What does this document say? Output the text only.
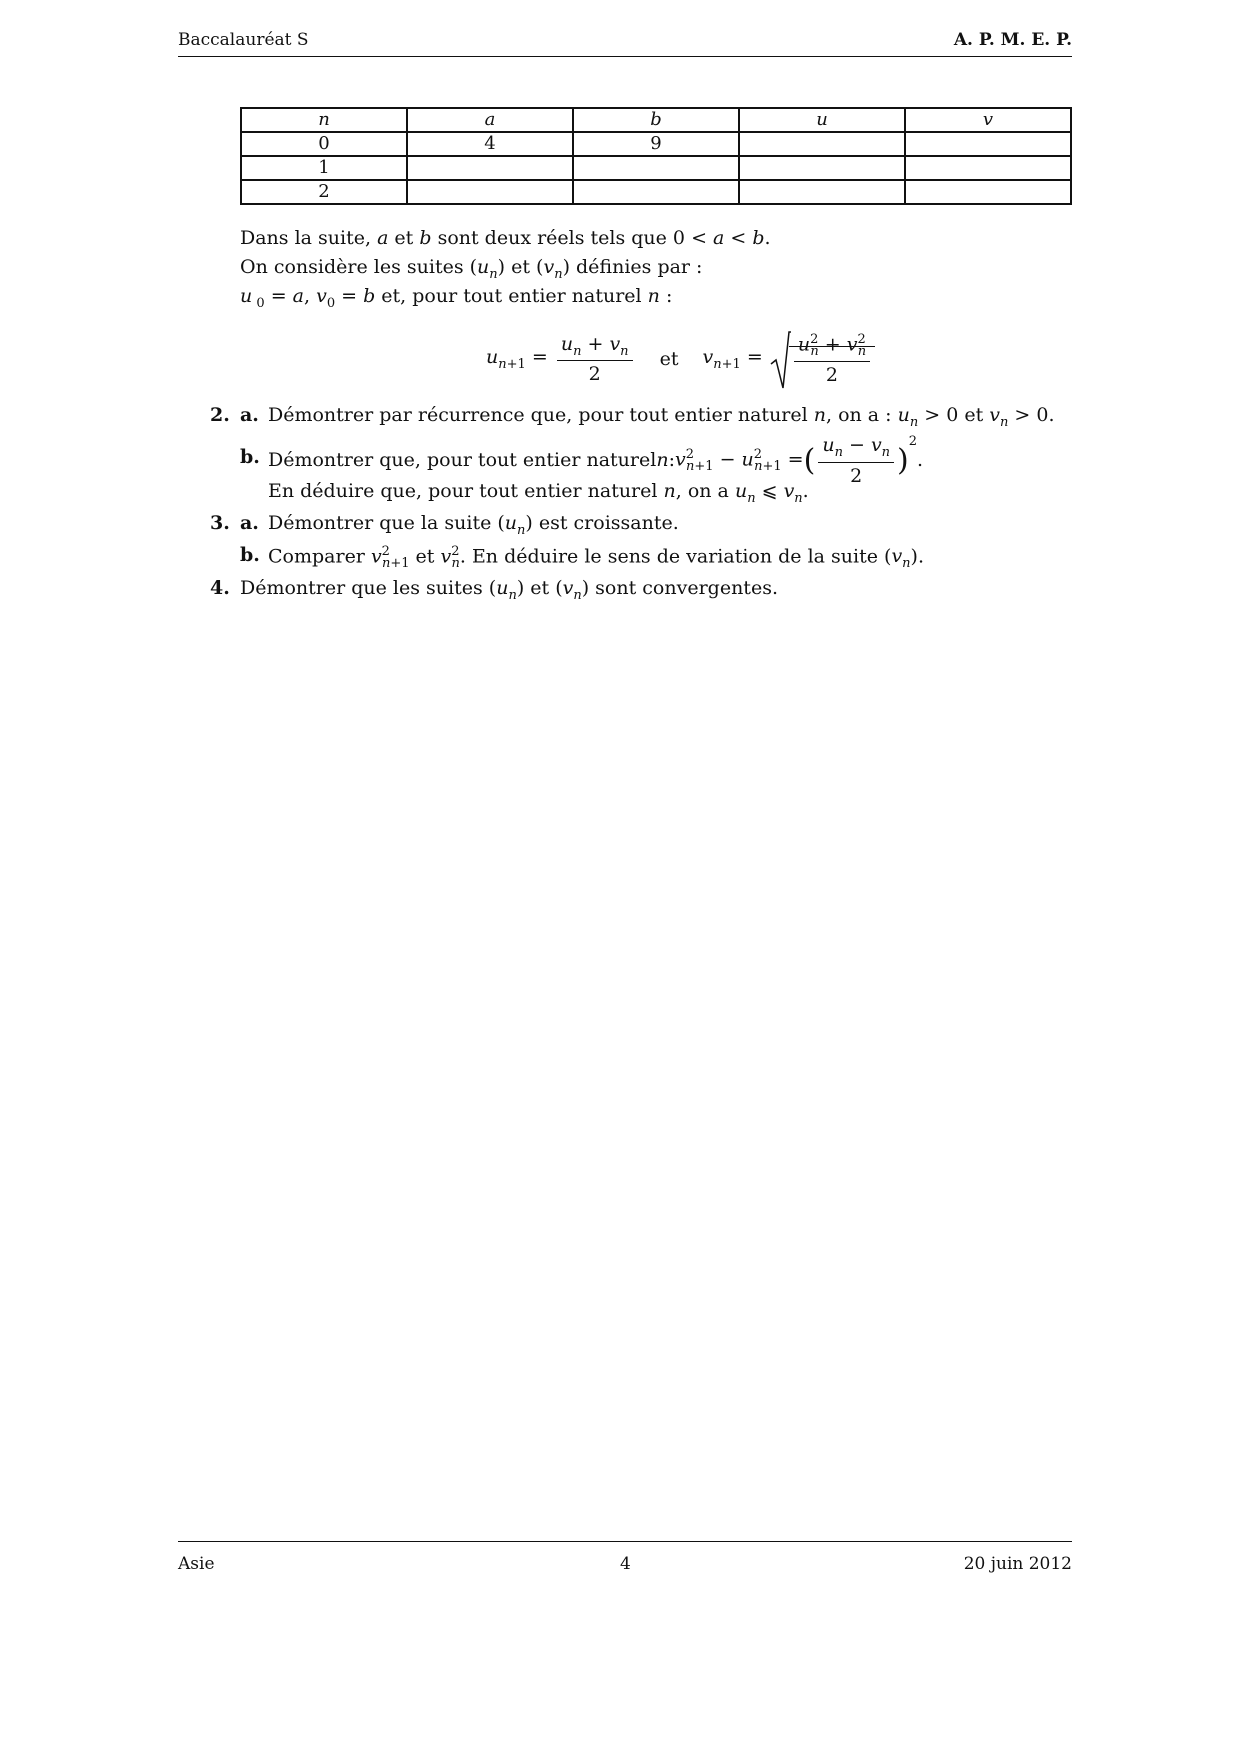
Baccalauréat S	A. P. M. E. P.
n	a	b	u	v
0	4	9		
1				
2				
Dans la suite, a et b sont deux réels tels que 0 < a < b.
On considère les suites $(u_n)$ et $(v_n)$ définies par :
u $_0$ = a, $v_0 = b$ et, pour tout entier naturel n :
$u_{n+1} = \frac{u_n + v_n}{2}$ et $v_{n+1} = \frac{u^2_n + v^2_n}{2}$
2. a. Démontrer par récurrence que, pour tout entier naturel n, on a : $u_n > 0$ et $v_n > 0$.
b. Démontrer que, pour tout entier $natureln:v^2_{n+1} - u^2_{n+1}$ =( $\frac{u_n - v_n}{2} )2$.
En déduire que, pour tout entier naturel n, on a $u_n$ ⩽ $v_n$.
3. a. Démontrer que la suite $(u_n)$ est croissante.
b. Comparer $v^2_{n+1}$ et $v^2_n$. En déduire le sens de variation de la suite $(v_n)$.
4. Démontrer que les suites $(u_n)$ et $(v_n)$ sont convergentes.
Asie	4	20 juin 2012
